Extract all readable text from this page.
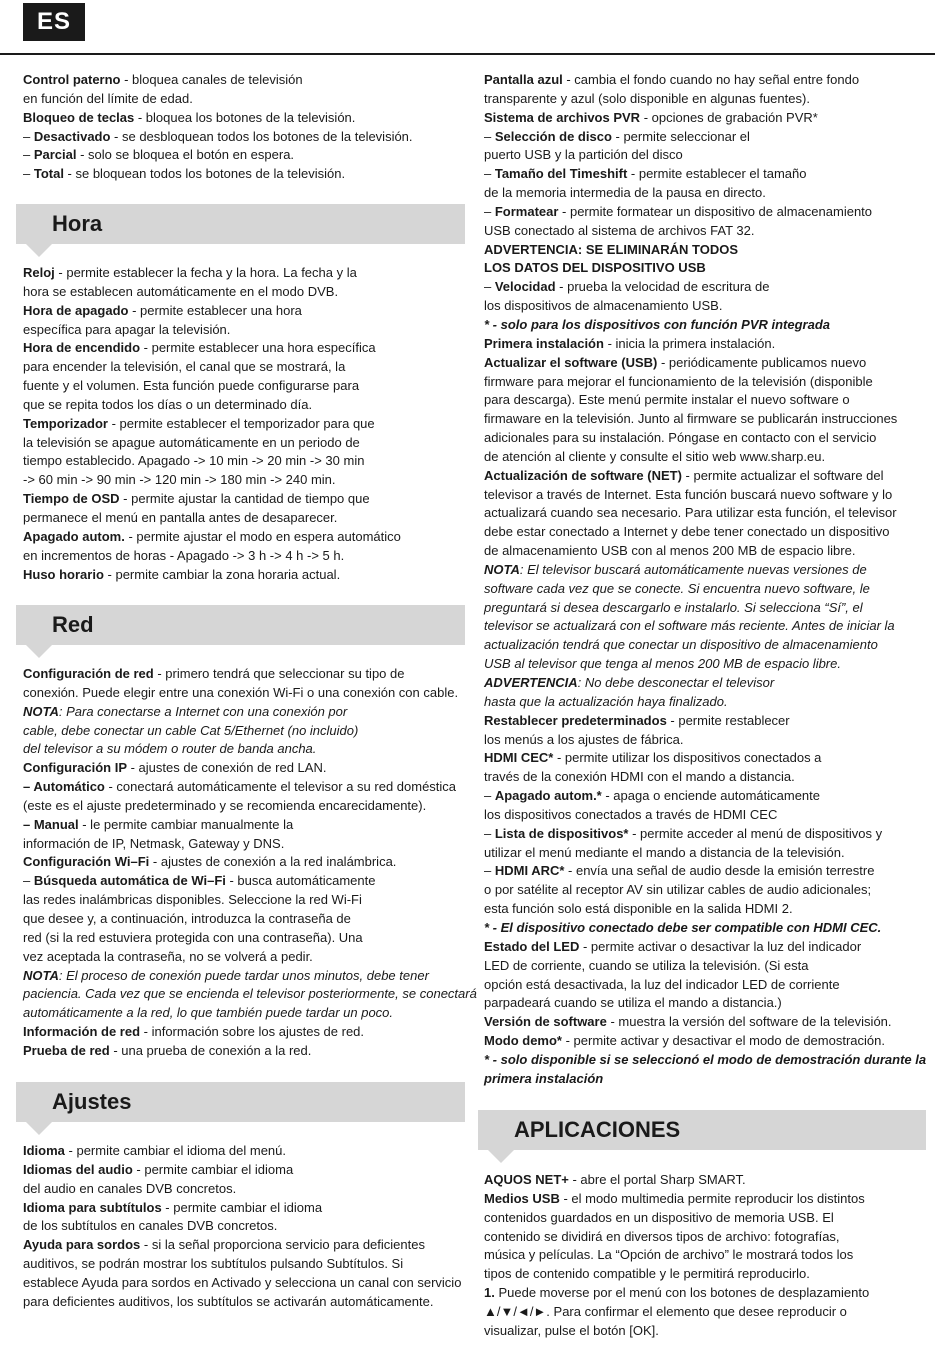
ES
Control paterno - bloquea canales de televisión
en función del límite de edad.
Bloqueo de teclas - bloquea los botones de la televisión.
– Desactivado - se desbloquean todos los botones de la televisión.
– Parcial - solo se bloquea el botón en espera.
– Total - se bloquean todos los botones de la televisión.
Hora
Reloj - permite establecer la fecha y la hora. La fecha y la
hora se establecen automáticamente en el modo DVB.
Hora de apagado - permite establecer una hora
específica para apagar la televisión.
Hora de encendido - permite establecer una hora específica
para encender la televisión, el canal que se mostrará, la
fuente y el volumen. Esta función puede configurarse para
que se repita todos los días o un determinado día.
Temporizador - permite establecer el temporizador para que
la televisión se apague automáticamente en un periodo de
tiempo establecido. Apagado -> 10 min -> 20 min -> 30 min
-> 60 min -> 90 min -> 120 min -> 180 min -> 240 min.
Tiempo de OSD - permite ajustar la cantidad de tiempo que
permanece el menú en pantalla antes de desaparecer.
Apagado autom. - permite ajustar el modo en espera automático
en incrementos de horas - Apagado -> 3 h -> 4 h -> 5 h.
Huso horario - permite cambiar la zona horaria actual.
Red
Configuración de red - primero tendrá que seleccionar su tipo de
conexión. Puede elegir entre una conexión Wi-Fi o una conexión con cable.
NOTA: Para conectarse a Internet con una conexión por
cable, debe conectar un cable Cat 5/Ethernet (no incluido)
del televisor a su módem o router de banda ancha.
Configuración IP - ajustes de conexión de red LAN.
– Automático - conectará automáticamente el televisor a su red doméstica
(este es el ajuste predeterminado y se recomienda encarecidamente).
– Manual - le permite cambiar manualmente la
información de IP, Netmask, Gateway y DNS.
Configuración Wi–Fi - ajustes de conexión a la red inalámbrica.
– Búsqueda automática de Wi–Fi - busca automáticamente
las redes inalámbricas disponibles. Seleccione la red Wi-Fi
que desee y, a continuación, introduzca la contraseña de
red (si la red estuviera protegida con una contraseña). Una
vez aceptada la contraseña, no se volverá a pedir.
NOTA: El proceso de conexión puede tardar unos minutos, debe tener
paciencia. Cada vez que se encienda el televisor posteriormente, se conectará
automáticamente a la red, lo que también puede tardar un poco.
Información de red - información sobre los ajustes de red.
Prueba de red - una prueba de conexión a la red.
Ajustes
Idioma - permite cambiar el idioma del menú.
Idiomas del audio - permite cambiar el idioma
del audio en canales DVB concretos.
Idioma para subtítulos - permite cambiar el idioma
de los subtítulos en canales DVB concretos.
Ayuda para sordos - si la señal proporciona servicio para deficientes
auditivos, se podrán mostrar los subtítulos pulsando Subtítulos. Si
establece Ayuda para sordos en Activado y selecciona un canal con servicio
para deficientes auditivos, los subtítulos se activarán automáticamente.
Pantalla azul - cambia el fondo cuando no hay señal entre fondo
transparente y azul (solo disponible en algunas fuentes).
Sistema de archivos PVR - opciones de grabación PVR*
– Selección de disco - permite seleccionar el
puerto USB y la partición del disco
– Tamaño del Timeshift - permite establecer el tamaño
de la memoria intermedia de la pausa en directo.
– Formatear - permite formatear un dispositivo de almacenamiento
USB conectado al sistema de archivos FAT 32.
ADVERTENCIA: SE ELIMINARÁN TODOS
LOS DATOS DEL DISPOSITIVO USB
– Velocidad - prueba la velocidad de escritura de
los dispositivos de almacenamiento USB.
* - solo para los dispositivos con función PVR integrada
Primera instalación - inicia la primera instalación.
Actualizar el software (USB) - periódicamente publicamos nuevo
firmware para mejorar el funcionamiento de la televisión (disponible
para descarga). Este menú permite instalar el nuevo software o
firmaware en la televisión. Junto al firmware se publicarán instrucciones
adicionales para su instalación. Póngase en contacto con el servicio
de atención al cliente y consulte el sitio web www.sharp.eu.
Actualización de software (NET) - permite actualizar el software del
televisor a través de Internet. Esta función buscará nuevo software y lo
actualizará cuando sea necesario. Para utilizar esta función, el televisor
debe estar conectado a Internet y debe tener conectado un dispositivo
de almacenamiento USB con al menos 200 MB de espacio libre.
NOTA: El televisor buscará automáticamente nuevas versiones de
software cada vez que se conecte. Si encuentra nuevo software, le
preguntará si desea descargarlo e instalarlo. Si selecciona “Sí”, el
televisor se actualizará con el software más reciente. Antes de iniciar la
actualización tendrá que conectar un dispositivo de almacenamiento
USB al televisor que tenga al menos 200 MB de espacio libre.
ADVERTENCIA: No debe desconectar el televisor
hasta que la actualización haya finalizado.
Restablecer predeterminados - permite restablecer
los menús a los ajustes de fábrica.
HDMI CEC* - permite utilizar los dispositivos conectados a
través de la conexión HDMI con el mando a distancia.
– Apagado autom.* - apaga o enciende automáticamente
los dispositivos conectados a través de HDMI CEC
– Lista de dispositivos* - permite acceder al menú de dispositivos y
utilizar el menú mediante el mando a distancia de la televisión.
– HDMI ARC* - envía una señal de audio desde la emisión terrestre
o por satélite al receptor AV sin utilizar cables de audio adicionales;
esta función solo está disponible en la salida HDMI 2.
* - El dispositivo conectado debe ser compatible con HDMI CEC.
Estado del LED - permite activar o desactivar la luz del indicador
LED de corriente, cuando se utiliza la televisión. (Si esta
opción está desactivada, la luz del indicador LED de corriente
parpadeará cuando se utiliza el mando a distancia.)
Versión de software - muestra la versión del software de la televisión.
Modo demo* - permite activar y desactivar el modo de demostración.
* - solo disponible si se seleccionó el modo de demostración durante la
primera instalación
APLICACIONES
AQUOS NET+ - abre el portal Sharp SMART.
Medios USB - el modo multimedia permite reproducir los distintos
contenidos guardados en un dispositivo de memoria USB. El
contenido se dividirá en diversos tipos de archivo: fotografías,
música y películas. La “Opción de archivo” le mostrará todos los
tipos de contenido compatible y le permitirá reproducirlo.
1. Puede moverse por el menú con los botones de desplazamiento
▲/▼/◄/►. Para confirmar el elemento que desee reproducir o
visualizar, pulse el botón [OK].
